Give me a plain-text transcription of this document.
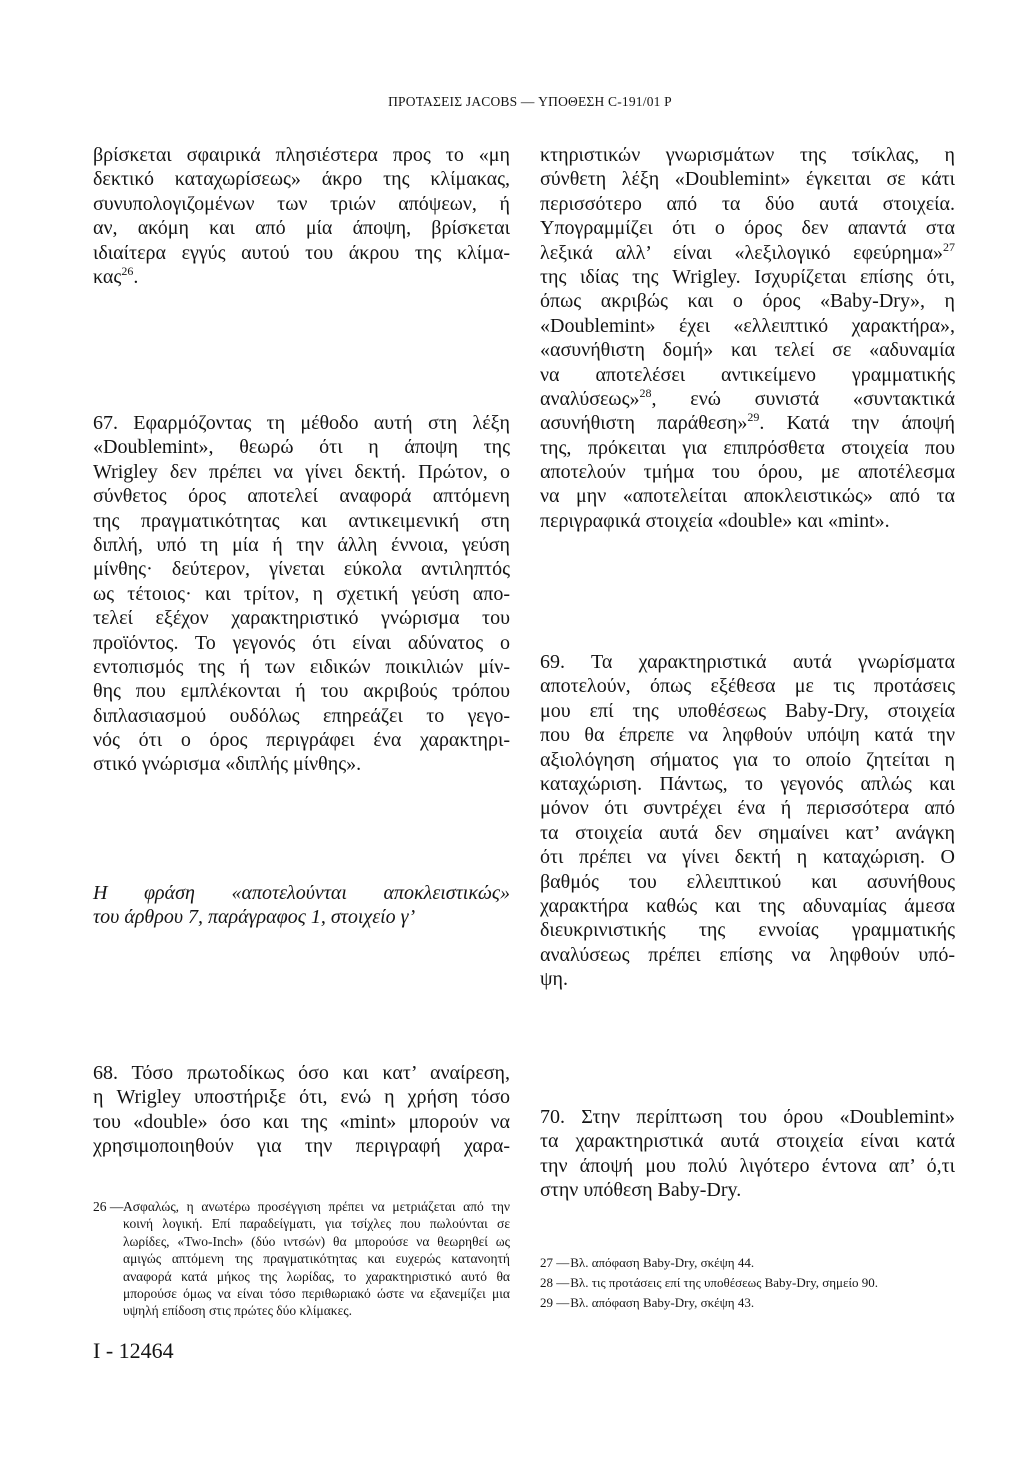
ΠΡΟΤΑΣΕΙΣ JACOBS — ΥΠΟΘΕΣΗ C-191/01 P
βρίσκεται σφαιρικά πλησιέστερα προς το «μη
δεκτικό καταχωρίσεως» άκρο της κλίμακας,
συνυπολογιζομένων των τριών απόψεων, ή
αν, ακόμη και από μία άποψη, βρίσκεται
ιδιαίτερα εγγύς αυτού του άκρου της κλίμα-
κας$^{26}$.
67. Εφαρμόζοντας τη μέθοδο αυτή στη λέξη
«Doublemint», θεωρώ ότι η άποψη της
Wrigley δεν πρέπει να γίνει δεκτή. Πρώτον, ο
σύνθετος όρος αποτελεί αναφορά απτόμενη
της πραγματικότητας και αντικειμενική στη
διπλή, υπό τη μία ή την άλλη έννοια, γεύση
μίνθης· δεύτερον, γίνεται εύκολα αντιληπτός
ως τέτοιος· και τρίτον, η σχετική γεύση απο-
τελεί εξέχον χαρακτηριστικό γνώρισμα του
προϊόντος. Το γεγονός ότι είναι αδύνατος ο
εντοπισμός της ή των ειδικών ποικιλιών μίν-
θης που εμπλέκονται ή του ακριβούς τρόπου
διπλασιασμού ουδόλως επηρεάζει το γεγο-
νός ότι ο όρος περιγράφει ένα χαρακτηρι-
στικό γνώρισμα «διπλής μίνθης».
Η φράση «αποτελούνται αποκλειστικώς»
του άρθρου 7, παράγραφος 1, στοιχείο γ’
68. Τόσο πρωτοδίκως όσο και κατ’ αναίρεση,
η Wrigley υποστήριξε ότι, ενώ η χρήση τόσο
του «double» όσο και της «mint» μπορούν να
χρησιμοποιηθούν για την περιγραφή χαρα-
26 — Ασφαλώς, η ανωτέρω προσέγγιση πρέπει να μετριάζεται από την
κοινή λογική. Επί παραδείγματι, για τσίχλες που πωλούνται σε
λωρίδες, «Two-Inch» (δύο ιντσών) θα μπορούσε να θεωρηθεί ως
αμιγώς απτόμενη της πραγματικότητας και ευχερώς κατανοητή
αναφορά κατά μήκος της λωρίδας, το χαρακτηριστικό αυτό θα
μπορούσε όμως να είναι τόσο περιθωριακό ώστε να εξανεμίζει μια
υψηλή επίδοση στις πρώτες δύο κλίμακες.
I - 12464
κτηριστικών γνωρισμάτων της τσίκλας, η
σύνθετη λέξη «Doublemint» έγκειται σε κάτι
περισσότερο από τα δύο αυτά στοιχεία.
Υπογραμμίζει ότι ο όρος δεν απαντά στα
λεξικά αλλ’ είναι «λεξιλογικό εφεύρημα»$^{27}$
της ιδίας της Wrigley. Ισχυρίζεται επίσης ότι,
όπως ακριβώς και ο όρος «Baby-Dry», η
«Doublemint» έχει «ελλειπτικό χαρακτήρα»,
«ασυνήθιστη δομή» και τελεί σε «αδυναμία
να αποτελέσει αντικείμενο γραμματικής
αναλύσεως»$^{28}$, ενώ συνιστά «συντακτικά
ασυνήθιστη παράθεση»$^{29}$. Κατά την άποψή
της, πρόκειται για επιπρόσθετα στοιχεία που
αποτελούν τμήμα του όρου, με αποτέλεσμα
να μην «αποτελείται αποκλειστικώς» από τα
περιγραφικά στοιχεία «double» και «mint».
69. Τα χαρακτηριστικά αυτά γνωρίσματα
αποτελούν, όπως εξέθεσα με τις προτάσεις
μου επί της υποθέσεως Baby-Dry, στοιχεία
που θα έπρεπε να ληφθούν υπόψη κατά την
αξιολόγηση σήματος για το οποίο ζητείται η
καταχώριση. Πάντως, το γεγονός απλώς και
μόνον ότι συντρέχει ένα ή περισσότερα από
τα στοιχεία αυτά δεν σημαίνει κατ’ ανάγκη
ότι πρέπει να γίνει δεκτή η καταχώριση. Ο
βαθμός του ελλειπτικού και ασυνήθους
χαρακτήρα καθώς και της αδυναμίας άμεσα
διευκρινιστικής της εννοίας γραμματικής
αναλύσεως πρέπει επίσης να ληφθούν υπό-
ψη.
70. Στην περίπτωση του όρου «Doublemint»
τα χαρακτηριστικά αυτά στοιχεία είναι κατά
την άποψή μου πολύ λιγότερο έντονα απ’ ό,τι
στην υπόθεση Baby-Dry.
27 — Βλ. απόφαση Baby-Dry, σκέψη 44.
28 — Βλ. τις προτάσεις επί της υποθέσεως Baby-Dry, σημείο 90.
29 — Βλ. απόφαση Baby-Dry, σκέψη 43.
